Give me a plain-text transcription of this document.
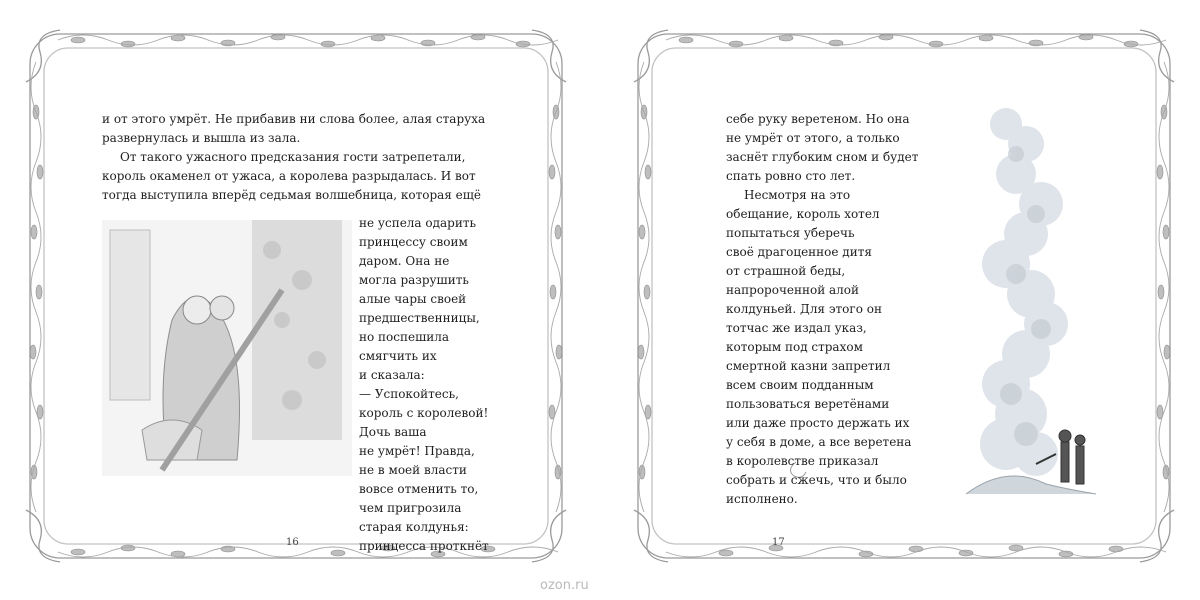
и от этого умрёт. Не прибавив ни слова более, алая старуха развернулась и вышла из зала.

От такого ужасного предсказания гости затрепетали, король окаменел от ужаса, а королева разрыдалась. И вот тогда выступила вперёд седьмая волшебница, которая ещё

не успела одарить

принцессу своим

даром. Она не

могла разрушить

алые чары своей

предшественницы,

но поспешила

смягчить их

и сказала:

— Успокойтесь,

король с королевой!

Дочь ваша

не умрёт! Правда,

не в моей власти

вовсе отменить то,

чем пригрозила

старая колдунья:

принцесса проткнёт

16

себе руку веретеном. Но она

не умрёт от этого, а только

заснёт глубоким сном и будет

спать ровно сто лет.

Несмотря на это

обещание, король хотел

попытаться уберечь

своё драгоценное дитя

от страшной беды,

напророченной алой

колдуньей. Для этого он

тотчас же издал указ,

которым под страхом

смертной казни запретил

всем своим подданным

пользоваться веретёнами

или даже просто держать их

у себя в доме, а все веретена

в королевстве приказал

собрать и сжечь, что и было

исполнено.

17
ozon.ru
